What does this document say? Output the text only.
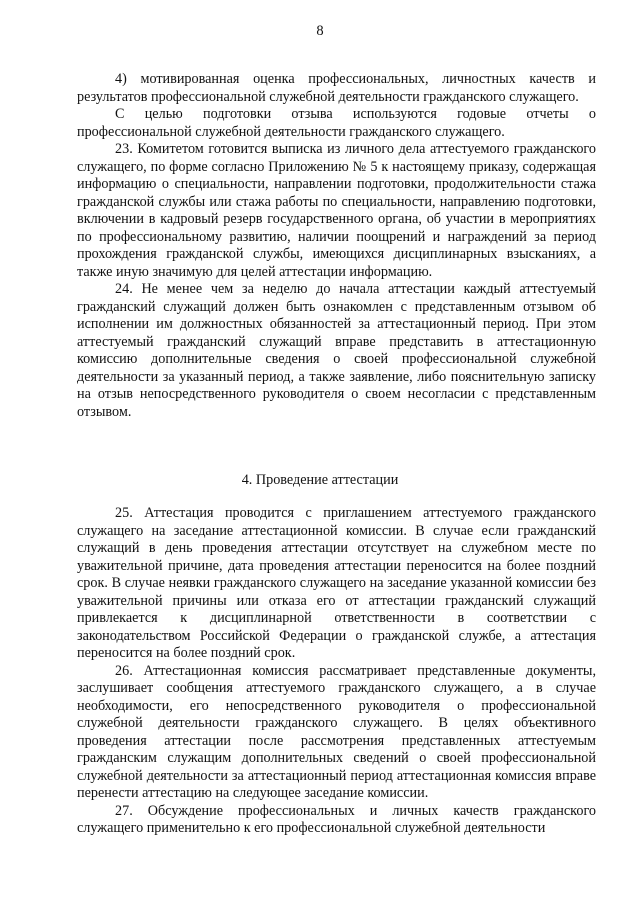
8

4) мотивированная оценка профессиональных, личностных качеств и результатов профессиональной служебной деятельности гражданского служащего.

С целью подготовки отзыва используются годовые отчеты о профессиональной служебной деятельности гражданского служащего.

23. Комитетом готовится выписка из личного дела аттестуемого гражданского служащего, по форме согласно Приложению № 5 к настоящему приказу, содержащая информацию о специальности, направлении подготовки, продолжительности стажа гражданской службы или стажа работы по специальности, направлению подготовки, включении в кадровый резерв государственного органа, об участии в мероприятиях по профессиональному развитию, наличии поощрений и награждений за период прохождения гражданской службы, имеющихся дисциплинарных взысканиях, а также иную значимую для целей аттестации информацию.

24. Не менее чем за неделю до начала аттестации каждый аттестуемый гражданский служащий должен быть ознакомлен с представленным отзывом об исполнении им должностных обязанностей за аттестационный период. При этом аттестуемый гражданский служащий вправе представить в аттестационную комиссию дополнительные сведения о своей профессиональной служебной деятельности за указанный период, а также заявление, либо пояснительную записку на отзыв непосредственного руководителя о своем несогласии с представленным отзывом.

4. Проведение аттестации

25. Аттестация проводится с приглашением аттестуемого гражданского служащего на заседание аттестационной комиссии. В случае если гражданский служащий в день проведения аттестации отсутствует на служебном месте по уважительной причине, дата проведения аттестации переносится на более поздний срок. В случае неявки гражданского служащего на заседание указанной комиссии без уважительной причины или отказа его от аттестации гражданский служащий привлекается к дисциплинарной ответственности в соответствии с законодательством Российской Федерации о гражданской службе, а аттестация переносится на более поздний срок.

26. Аттестационная комиссия рассматривает представленные документы, заслушивает сообщения аттестуемого гражданского служащего, а в случае необходимости, его непосредственного руководителя о профессиональной служебной деятельности гражданского служащего. В целях объективного проведения аттестации после рассмотрения представленных аттестуемым гражданским служащим дополнительных сведений о своей профессиональной служебной деятельности за аттестационный период аттестационная комиссия вправе перенести аттестацию на следующее заседание комиссии.

27. Обсуждение профессиональных и личных качеств гражданского служащего применительно к его профессиональной служебной деятельности
